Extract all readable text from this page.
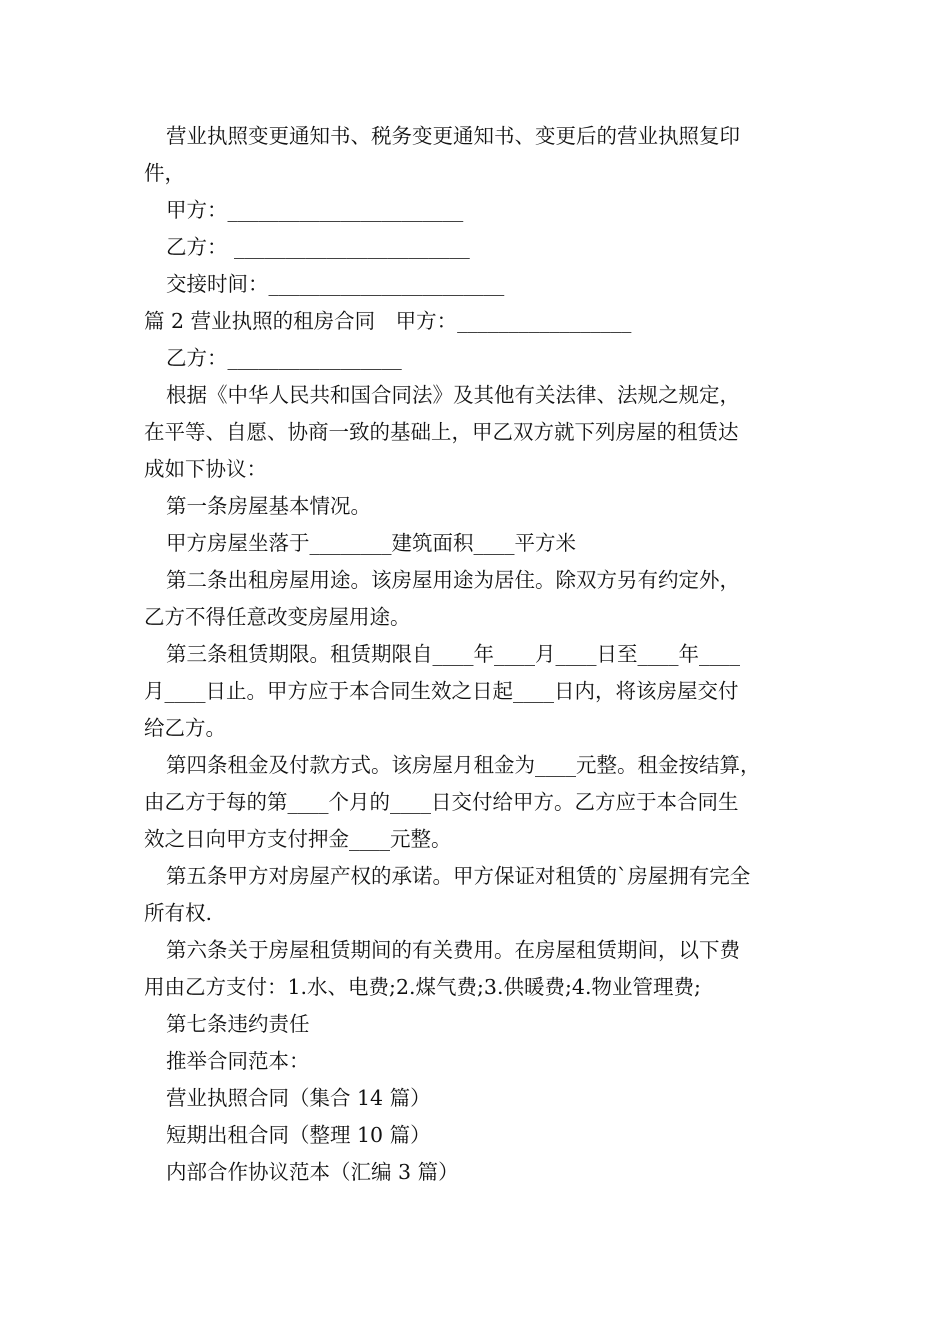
营业执照变更通知书、税务变更通知书、变更后的营业执照复印
件，
甲方：_______________________
乙方： _______________________
交接时间：_______________________
篇 2 营业执照的租房合同　甲方：_________________
乙方：_________________
根据《中华人民共和国合同法》及其他有关法律、法规之规定，
在平等、自愿、协商一致的基础上，甲乙双方就下列房屋的租赁达
成如下协议：
第一条房屋基本情况。
甲方房屋坐落于________建筑面积____平方米
第二条出租房屋用途。该房屋用途为居住。除双方另有约定外，
乙方不得任意改变房屋用途。
第三条租赁期限。租赁期限自____年____月____日至____年____
月____日止。甲方应于本合同生效之日起____日内，将该房屋交付
给乙方。
第四条租金及付款方式。该房屋月租金为____元整。租金按结算，
由乙方于每的第____个月的____日交付给甲方。乙方应于本合同生
效之日向甲方支付押金____元整。
第五条甲方对房屋产权的承诺。甲方保证对租赁的`房屋拥有完全
所有权.
第六条关于房屋租赁期间的有关费用。在房屋租赁期间，以下费
用由乙方支付：1.水、电费;2.煤气费;3.供暖费;4.物业管理费;
第七条违约责任
推举合同范本：
营业执照合同（集合 14 篇）
短期出租合同（整理 10 篇）
内部合作协议范本（汇编 3 篇）
